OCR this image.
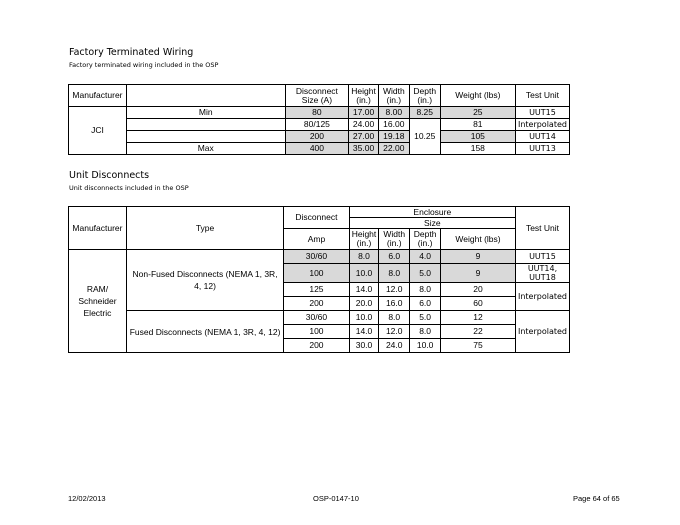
Factory Terminated Wiring
Factory terminated wiring included in the OSP
Manufacturer		Disconnect Size (A)	Height (in.)	Width (in.)	Depth (in.)	Weight (lbs)	Test Unit
JCI	Min	80	17.00	8.00	8.25	25	UUT15
		80/125	24.00	16.00	10.25	81	Interpolated
		200	27.00	19.18		105	UUT14
	Max	400	35.00	22.00		158	UUT13
Unit Disconnects
Unit disconnects included in the OSP
Manufacturer	Type	Disconnect	Enclosure				Test Unit
			Size				
		Amp	Height (in.)	Width (in.)	Depth (in.)	Weight (lbs)	
RAM/ Schneider Electric	Non-Fused Disconnects (NEMA 1, 3R, 4, 12)	30/60	8.0	6.0	4.0	9	UUT15
		100	10.0	8.0	5.0	9	UUT14, UUT18
		125	14.0	12.0	8.0	20	Interpolated
		200	20.0	16.0	6.0	60	
	Fused Disconnects (NEMA 1, 3R, 4, 12)	30/60	10.0	8.0	5.0	12	Interpolated
		100	14.0	12.0	8.0	22	
		200	30.0	24.0	10.0	75	
12/02/2013	OSP-0147-10	Page 64 of 65
